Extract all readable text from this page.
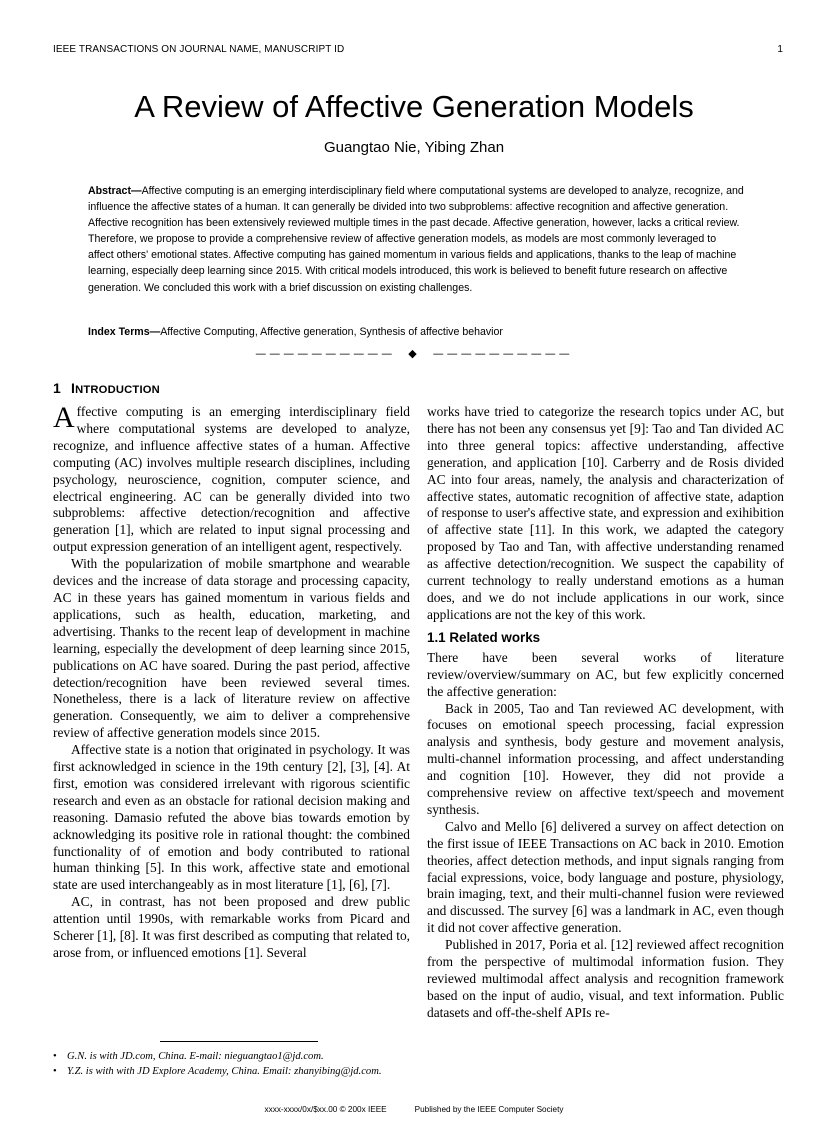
IEEE TRANSACTIONS ON JOURNAL NAME, MANUSCRIPT ID	1
A Review of Affective Generation Models
Guangtao Nie, Yibing Zhan
Abstract—Affective computing is an emerging interdisciplinary field where computational systems are developed to analyze, recognize, and influence the affective states of a human. It can generally be divided into two subproblems: affective recognition and affective generation. Affective recognition has been extensively reviewed multiple times in the past decade. Affective generation, however, lacks a critical review. Therefore, we propose to provide a comprehensive review of affective generation models, as models are most commonly leveraged to affect others' emotional states. Affective computing has gained momentum in various fields and applications, thanks to the leap of machine learning, especially deep learning since 2015. With critical models introduced, this work is believed to benefit future research on affective generation. We concluded this work with a brief discussion on existing challenges.
Index Terms—Affective Computing, Affective generation, Synthesis of affective behavior
——————————  ◆  ——————————
1 INTRODUCTION

Affective computing is an emerging interdisciplinary field where computational systems are developed to analyze, recognize, and influence affective states of a human. Affective computing (AC) involves multiple research disciplines, including psychology, neuroscience, cognition, computer science, and electrical engineering. AC can be generally divided into two subproblems: affective detection/recognition and affective generation [1], which are related to input signal processing and output expression generation of an intelligent agent, respectively.

With the popularization of mobile smartphone and wearable devices and the increase of data storage and processing capacity, AC in these years has gained momentum in various fields and applications, such as health, education, marketing, and advertising. Thanks to the recent leap of development in machine learning, especially the development of deep learning since 2015, publications on AC have soared. During the past period, affective detection/recognition have been reviewed several times. Nonetheless, there is a lack of literature review on affective generation. Consequently, we aim to deliver a comprehensive review of affective generation models since 2015.

Affective state is a notion that originated in psychology. It was first acknowledged in science in the 19th century [2], [3], [4]. At first, emotion was considered irrelevant with rigorous scientific research and even as an obstacle for rational decision making and reasoning. Damasio refuted the above bias towards emotion by acknowledging its positive role in rational thought: the combined functionality of of emotion and body contributed to rational human thinking [5]. In this work, affective state and emotional state are used interchangeably as in most literature [1], [6], [7].

AC, in contrast, has not been proposed and drew public attention until 1990s, with remarkable works from Picard and Scherer [1], [8]. It was first described as computing that related to, arose from, or influenced emotions [1]. Several

works have tried to categorize the research topics under AC, but there has not been any consensus yet [9]: Tao and Tan divided AC into three general topics: affective understanding, affective generation, and application [10]. Carberry and de Rosis divided AC into four areas, namely, the analysis and characterization of affective states, automatic recognition of affective state, adaption of response to user's affective state, and expression and exihibition of affective state [11]. In this work, we adapted the category proposed by Tao and Tan, with affective understanding renamed as affective detection/recognition. We suspect the capability of current technology to really understand emotions as a human does, and we do not include applications in our work, since applications are not the key of this work.

1.1 Related works

There have been several works of literature review/overview/summary on AC, but few explicitly concerned the affective generation:

Back in 2005, Tao and Tan reviewed AC development, with focuses on emotional speech processing, facial expression analysis and synthesis, body gesture and movement analysis, multi-channel information processing, and affect understanding and cognition [10]. However, they did not provide a comprehensive review on affective text/speech and movement synthesis.

Calvo and Mello [6] delivered a survey on affect detection on the first issue of IEEE Transactions on AC back in 2010. Emotion theories, affect detection methods, and input signals ranging from facial expressions, voice, body language and posture, physiology, brain imaging, text, and their multi-channel fusion were reviewed and discussed. The survey [6] was a landmark in AC, even though it did not cover affective generation.

Published in 2017, Poria et al. [12] reviewed affect recognition from the perspective of multimodal information fusion. They reviewed multimodal affect analysis and recognition framework based on the input of audio, visual, and text information. Public datasets and off-the-shelf APIs re-

• G.N. is with JD.com, China. E-mail: nieguangtao1@jd.com.
• Y.Z. is with with JD Explore Academy, China. Email: zhanyibing@jd.com.
xxxx-xxxx/0x/$xx.00 © 200x IEEE	Published by the IEEE Computer Society
